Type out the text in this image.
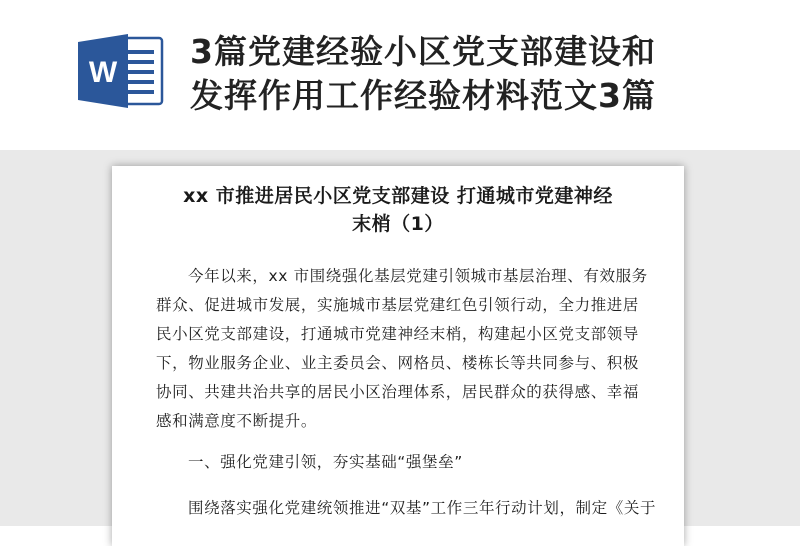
W
3篇党建经验小区党支部建设和
发挥作用工作经验材料范文3篇
xx 市推进居民小区党支部建设 打通城市党建神经
末梢（1）
今年以来，xx 市围绕强化基层党建引领城市基层治理、有效服务
群众、促进城市发展，实施城市基层党建红色引领行动，全力推进居
民小区党支部建设，打通城市党建神经末梢，构建起小区党支部领导
下，物业服务企业、业主委员会、网格员、楼栋长等共同参与、积极
协同、共建共治共享的居民小区治理体系，居民群众的获得感、幸福
感和满意度不断提升。
一、强化党建引领，夯实基础“强堡垒”
围绕落实强化党建统领推进“双基”工作三年行动计划，制定《关于
